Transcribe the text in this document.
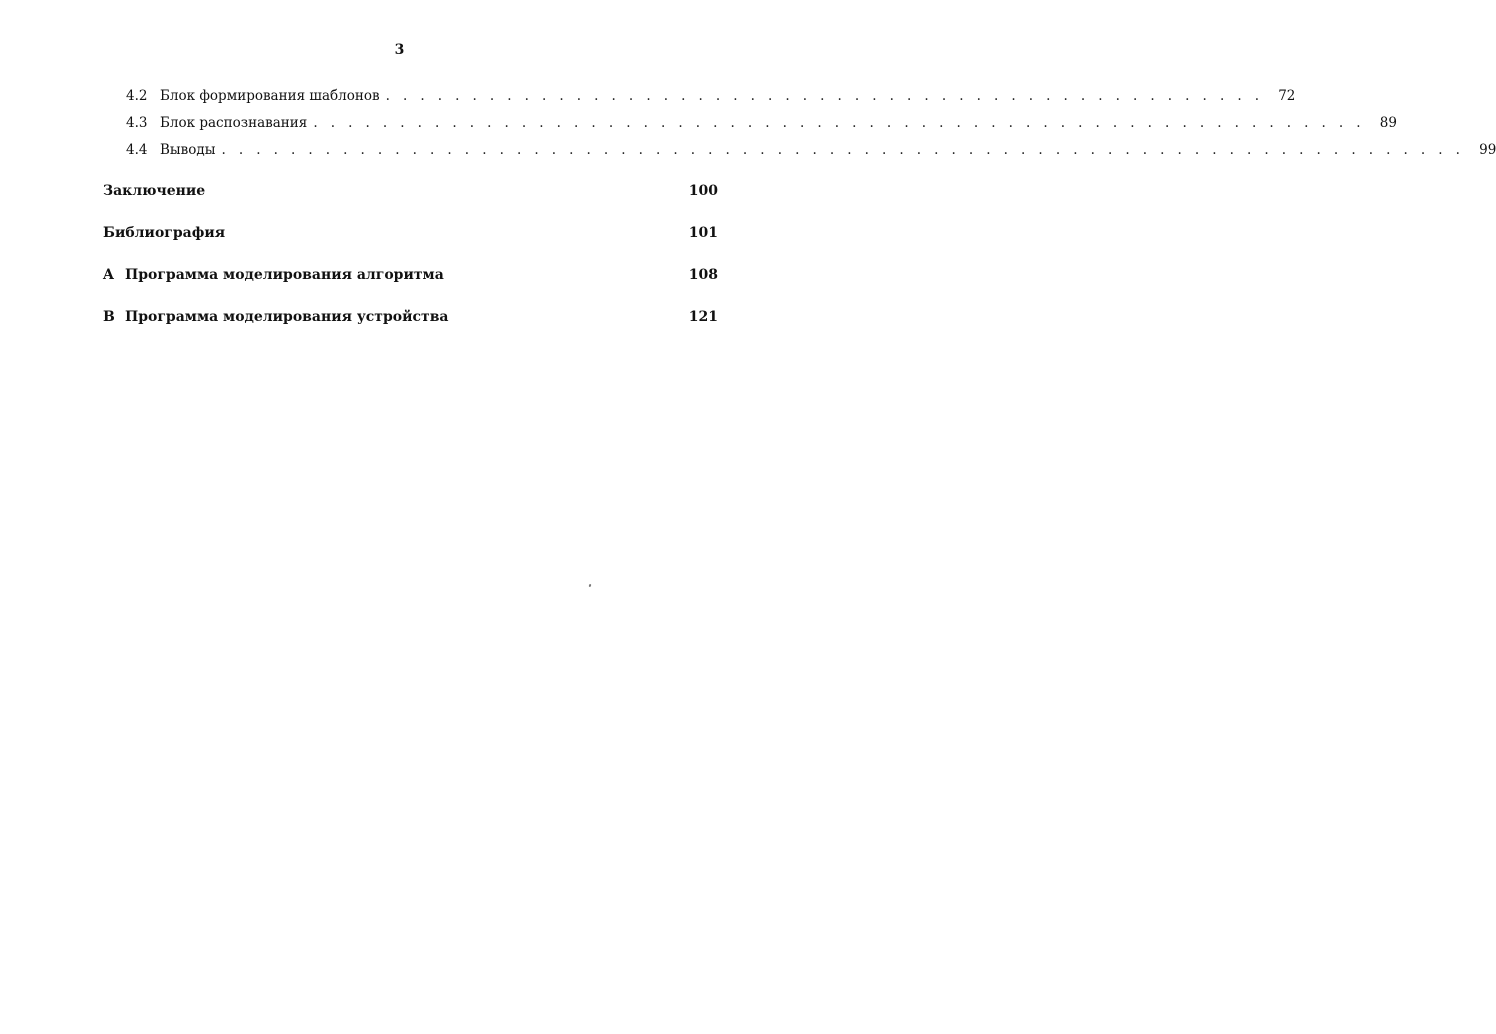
3
4.2 Блок формирования шаблонов . . . . . . . . . . . . . . . . . . . . . . . . . . . . . . . . . . . . . . . . . . . . . . . . . . .	72
4.3 Блок распознавания . . . . . . . . . . . . . . . . . . . . . . . . . . . . . . . . . . . . . . . . . . . . . . . . . . . . . . . . . . . . .	89
4.4 Выводы . . . . . . . . . . . . . . . . . . . . . . . . . . . . . . . . . . . . . . . . . . . . . . . . . . . . . . . . . . . . . . . . . . . . . . . .	99
Заключение	100
Библиография	101
A Программа моделирования алгоритма	108
B Программа моделирования устройства	121
